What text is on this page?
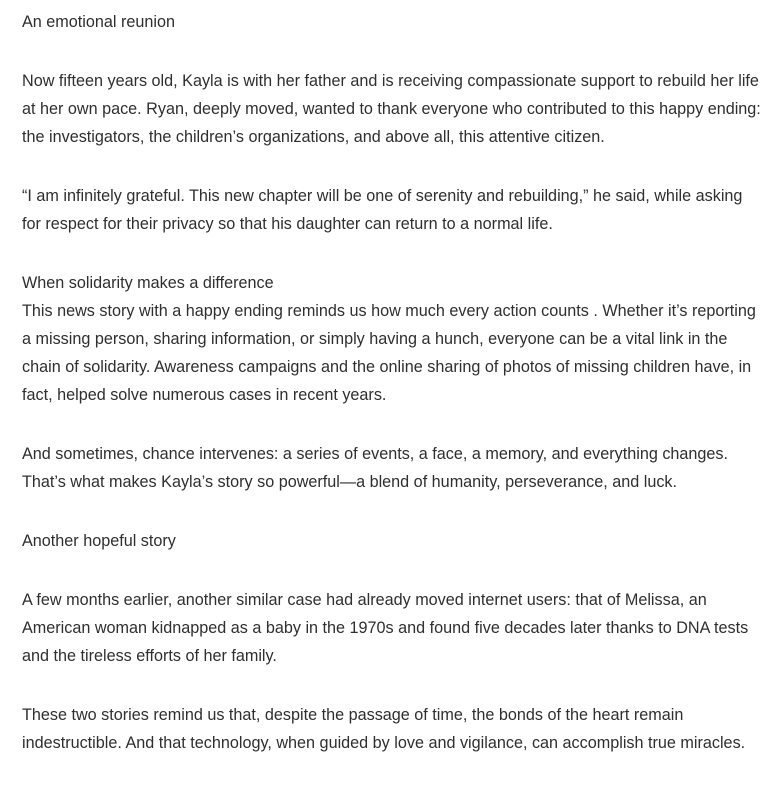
An emotional reunion

Now fifteen years old, Kayla is with her father and is receiving compassionate support to rebuild her life at her own pace. Ryan, deeply moved, wanted to thank everyone who contributed to this happy ending: the investigators, the children’s organizations, and above all, this attentive citizen.

“I am infinitely grateful. This new chapter will be one of serenity and rebuilding,” he said, while asking for respect for their privacy so that his daughter can return to a normal life.

When solidarity makes a difference

This news story with a happy ending reminds us how much every action counts . Whether it’s reporting a missing person, sharing information, or simply having a hunch, everyone can be a vital link in the chain of solidarity. Awareness campaigns and the online sharing of photos of missing children have, in fact, helped solve numerous cases in recent years.

And sometimes, chance intervenes: a series of events, a face, a memory, and everything changes. That’s what makes Kayla’s story so powerful—a blend of humanity, perseverance, and luck.

Another hopeful story

A few months earlier, another similar case had already moved internet users: that of Melissa, an American woman kidnapped as a baby in the 1970s and found five decades later thanks to DNA tests and the tireless efforts of her family.

These two stories remind us that, despite the passage of time, the bonds of the heart remain indestructible. And that technology, when guided by love and vigilance, can accomplish true miracles.
